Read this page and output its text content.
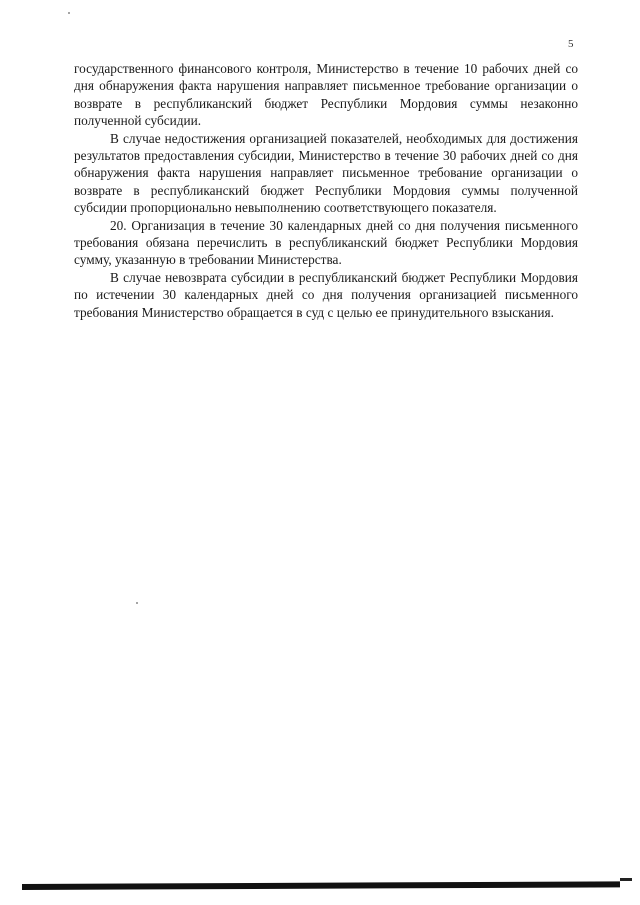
5

государственного финансового контроля, Министерство в течение 10 рабочих дней со дня обнаружения факта нарушения направляет письменное требование организации о возврате в республиканский бюджет Республики Мордовия суммы незаконно полученной субсидии.

В случае недостижения организацией показателей, необходимых для достижения результатов предоставления субсидии, Министерство в течение 30 рабочих дней со дня обнаружения факта нарушения направляет письменное требование организации о возврате в республиканский бюджет Республики Мордовия суммы полученной субсидии пропорционально невыполнению соответствующего показателя.

20. Организация в течение 30 календарных дней со дня получения письменного требования обязана перечислить в республиканский бюджет Республики Мордовия сумму, указанную в требовании Министерства.

В случае невозврата субсидии в республиканский бюджет Республики Мордовия по истечении 30 календарных дней со дня получения организацией письменного требования Министерство обращается в суд с целью ее принудительного взыскания.
